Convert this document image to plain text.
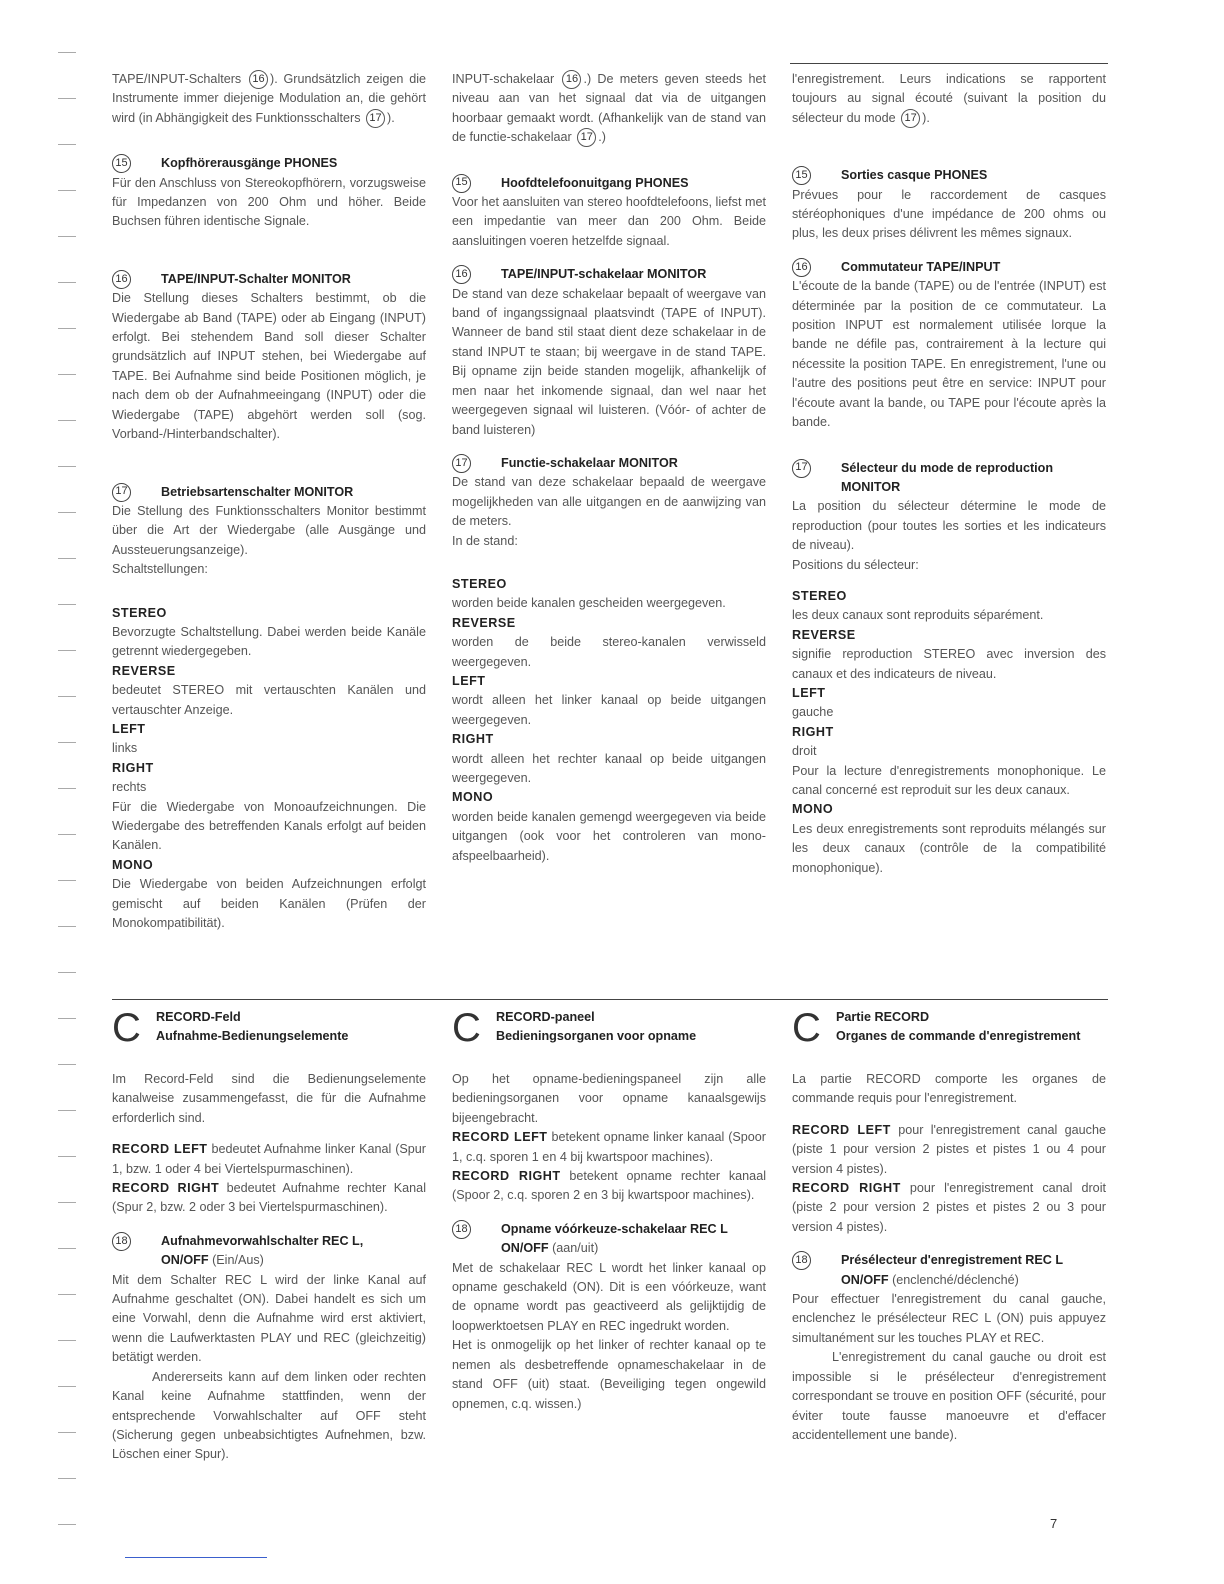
TAPE/INPUT-Schalters 16 ). Grundsätzlich zeigen die Instrumente immer diejenige Modulation an, die gehört wird (in Abhängigkeit des Funktionsschalters 17 ).

15	Kopfhörerausgänge PHONES

Für den Anschluss von Stereokopfhörern, vorzugsweise für Impedanzen von 200 Ohm und höher. Beide Buchsen führen identische Signale.

16	TAPE/INPUT-Schalter MONITOR

Die Stellung dieses Schalters bestimmt, ob die Wiedergabe ab Band (TAPE) oder ab Eingang (INPUT) erfolgt. Bei stehendem Band soll dieser Schalter grundsätzlich auf INPUT stehen, bei Wiedergabe auf TAPE. Bei Aufnahme sind beide Positionen möglich, je nach dem ob der Aufnahmeeingang (INPUT) oder die Wiedergabe (TAPE) abgehört werden soll (sog. Vorband-/Hinterbandschalter).

17	Betriebsartenschalter MONITOR

Die Stellung des Funktionsschalters Monitor bestimmt über die Art der Wiedergabe (alle Ausgänge und Aussteuerungsanzeige).

Schaltstellungen:

STEREO

Bevorzugte Schaltstellung. Dabei werden beide Kanäle getrennt wiedergegeben.

REVERSE

bedeutet STEREO mit vertauschten Kanälen und vertauschter Anzeige.

LEFT

links

RIGHT

rechts

Für die Wiedergabe von Monoaufzeichnungen. Die Wiedergabe des betreffenden Kanals erfolgt auf beiden Kanälen.

MONO

Die Wiedergabe von beiden Aufzeichnungen erfolgt gemischt auf beiden Kanälen (Prüfen der Monokompatibilität).

C	RECORD-Feld
Aufnahme-Bedienungselemente

Im Record-Feld sind die Bedienungselemente kanalweise zusammengefasst, die für die Aufnahme erforderlich sind.

RECORD LEFT bedeutet Aufnahme linker Kanal (Spur 1, bzw. 1 oder 4 bei Viertelspurmaschinen).

RECORD RIGHT bedeutet Aufnahme rechter Kanal (Spur 2, bzw. 2 oder 3 bei Viertelspurmaschinen).

18	Aufnahmevorwahlschalter REC L,
ON/OFF (Ein/Aus)

Mit dem Schalter REC L wird der linke Kanal auf Aufnahme geschaltet (ON). Dabei handelt es sich um eine Vorwahl, denn die Aufnahme wird erst aktiviert, wenn die Laufwerktasten PLAY und REC (gleichzeitig) betätigt werden.

Andererseits kann auf dem linken oder rechten Kanal keine Aufnahme stattfinden, wenn der entsprechende Vorwahlschalter auf OFF steht (Sicherung gegen unbeabsichtigtes Aufnehmen, bzw. Löschen einer Spur).

INPUT-schakelaar 16 .) De meters geven steeds het niveau aan van het signaal dat via de uitgangen hoorbaar gemaakt wordt. (Afhankelijk van de stand van de functie-schakelaar 17 .)

15	Hoofdtelefoonuitgang PHONES

Voor het aansluiten van stereo hoofdtelefoons, liefst met een impedantie van meer dan 200 Ohm. Beide aansluitingen voeren hetzelfde signaal.

16	TAPE/INPUT-schakelaar MONITOR

De stand van deze schakelaar bepaalt of weergave van band of ingangssignaal plaatsvindt (TAPE of INPUT). Wanneer de band stil staat dient deze schakelaar in de stand INPUT te staan; bij weergave in de stand TAPE. Bij opname zijn beide standen mogelijk, afhankelijk of men naar het inkomende signaal, dan wel naar het weergegeven signaal wil luisteren. (Vóór- of achter de band luisteren)

17	Functie-schakelaar MONITOR

De stand van deze schakelaar bepaald de weergave mogelijkheden van alle uitgangen en de aanwijzing van de meters.

In de stand:

STEREO

worden beide kanalen gescheiden weergegeven.

REVERSE

worden de beide stereo-kanalen verwisseld weergegeven.

LEFT

wordt alleen het linker kanaal op beide uitgangen weergegeven.

RIGHT

wordt alleen het rechter kanaal op beide uitgangen weergegeven.

MONO

worden beide kanalen gemengd weergegeven via beide uitgangen (ook voor het controleren van mono-afspeelbaarheid).

C	RECORD-paneel
Bedieningsorganen voor opname

Op het opname-bedieningspaneel zijn alle bedieningsorganen voor opname kanaalsgewijs bijeengebracht.

RECORD LEFT betekent opname linker kanaal (Spoor 1, c.q. sporen 1 en 4 bij kwartspoor machines).

RECORD RIGHT betekent opname rechter kanaal (Spoor 2, c.q. sporen 2 en 3 bij kwartspoor machines).

18	Opname vóórkeuze-schakelaar REC L
ON/OFF (aan/uit)

Met de schakelaar REC L wordt het linker kanaal op opname geschakeld (ON). Dit is een vóórkeuze, want de opname wordt pas geactiveerd als gelijktijdig de loopwerktoetsen PLAY en REC ingedrukt worden.

Het is onmogelijk op het linker of rechter kanaal op te nemen als desbetreffende opnameschakelaar in de stand OFF (uit) staat. (Beveiliging tegen ongewild opnemen, c.q. wissen.)

l'enregistrement. Leurs indications se rapportent toujours au signal écouté (suivant la position du sélecteur du mode 17 ).

15	Sorties casque PHONES

Prévues pour le raccordement de casques stéréophoniques d'une impédance de 200 ohms ou plus, les deux prises délivrent les mêmes signaux.

16	Commutateur TAPE/INPUT

L'écoute de la bande (TAPE) ou de l'entrée (INPUT) est déterminée par la position de ce commutateur. La position INPUT est normalement utilisée lorque la bande ne défile pas, contrairement à la lecture qui nécessite la position TAPE. En enregistrement, l'une ou l'autre des positions peut être en service: INPUT pour l'écoute avant la bande, ou TAPE pour l'écoute après la bande.

17	Sélecteur du mode de reproduction
MONITOR

La position du sélecteur détermine le mode de reproduction (pour toutes les sorties et les indicateurs de niveau).

Positions du sélecteur:

STEREO

les deux canaux sont reproduits séparément.

REVERSE

signifie reproduction STEREO avec inversion des canaux et des indicateurs de niveau.

LEFT

gauche

RIGHT

droit

Pour la lecture d'enregistrements monophonique. Le canal concerné est reproduit sur les deux canaux.

MONO

Les deux enregistrements sont reproduits mélangés sur les deux canaux (contrôle de la compatibilité monophonique).

C	Partie RECORD
Organes de commande d'enregistrement

La partie RECORD comporte les organes de commande requis pour l'enregistrement.

RECORD LEFT pour l'enregistrement canal gauche (piste 1 pour version 2 pistes et pistes 1 ou 4 pour version 4 pistes).

RECORD RIGHT pour l'enregistrement canal droit (piste 2 pour version 2 pistes et pistes 2 ou 3 pour version 4 pistes).

18	Présélecteur d'enregistrement REC L
ON/OFF (enclenché/déclenché)

Pour effectuer l'enregistrement du canal gauche, enclenchez le présélecteur REC L (ON) puis appuyez simultanément sur les touches PLAY et REC.

L'enregistrement du canal gauche ou droit est impossible si le présélecteur d'enregistrement correspondant se trouve en position OFF (sécurité, pour éviter toute fausse manoeuvre et d'effacer accidentellement une bande).

7
